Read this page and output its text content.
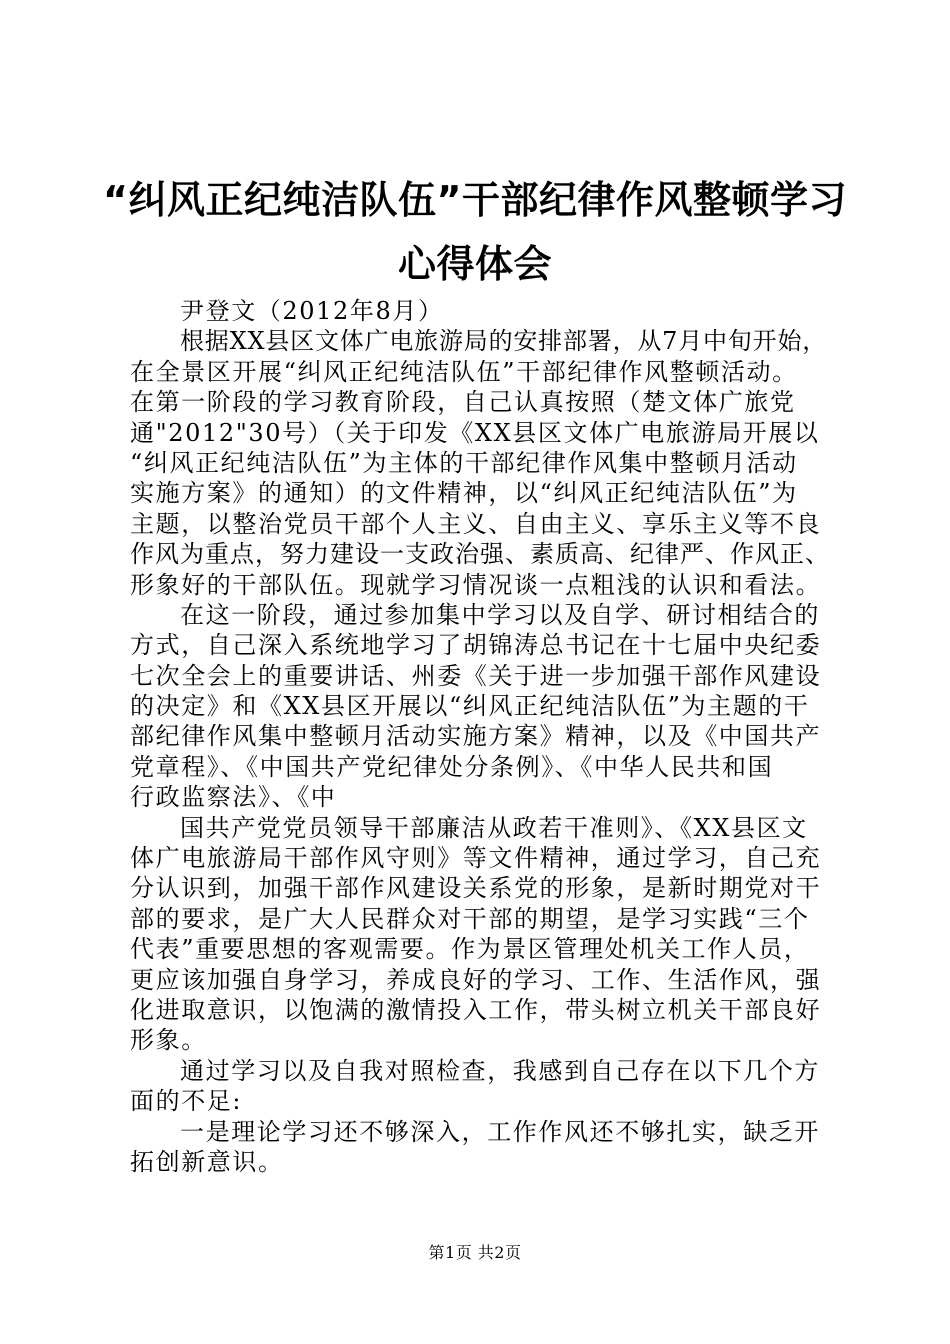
“纠风正纪纯洁队伍”干部纪律作风整顿学习
心得体会
尹登文（2012年8月）
根据XX县区文体广电旅游局的安排部署，从7月中旬开始，
在全景区开展“纠风正纪纯洁队伍”干部纪律作风整顿活动。
在第一阶段的学习教育阶段，自己认真按照（楚文体广旅党
通"2012"30号）（关于印发《XX县区文体广电旅游局开展以
“纠风正纪纯洁队伍”为主体的干部纪律作风集中整顿月活动
实施方案》的通知）的文件精神，以“纠风正纪纯洁队伍”为
主题，以整治党员干部个人主义、自由主义、享乐主义等不良
作风为重点，努力建设一支政治强、素质高、纪律严、作风正、
形象好的干部队伍。现就学习情况谈一点粗浅的认识和看法。
在这一阶段，通过参加集中学习以及自学、研讨相结合的
方式，自己深入系统地学习了胡锦涛总书记在十七届中央纪委
七次全会上的重要讲话、州委《关于进一步加强干部作风建设
的决定》和《XX县区开展以“纠风正纪纯洁队伍”为主题的干
部纪律作风集中整顿月活动实施方案》精神，以及《中国共产
党章程》、《中国共产党纪律处分条例》、《中华人民共和国
行政监察法》、《中
国共产党党员领导干部廉洁从政若干准则》、《XX县区文
体广电旅游局干部作风守则》等文件精神，通过学习，自己充
分认识到，加强干部作风建设关系党的形象，是新时期党对干
部的要求，是广大人民群众对干部的期望，是学习实践“三个
代表”重要思想的客观需要。作为景区管理处机关工作人员，
更应该加强自身学习，养成良好的学习、工作、生活作风，强
化进取意识，以饱满的激情投入工作，带头树立机关干部良好
形象。
通过学习以及自我对照检查，我感到自己存在以下几个方
面的不足:
一是理论学习还不够深入，工作作风还不够扎实，缺乏开
拓创新意识。
第1页 共2页
